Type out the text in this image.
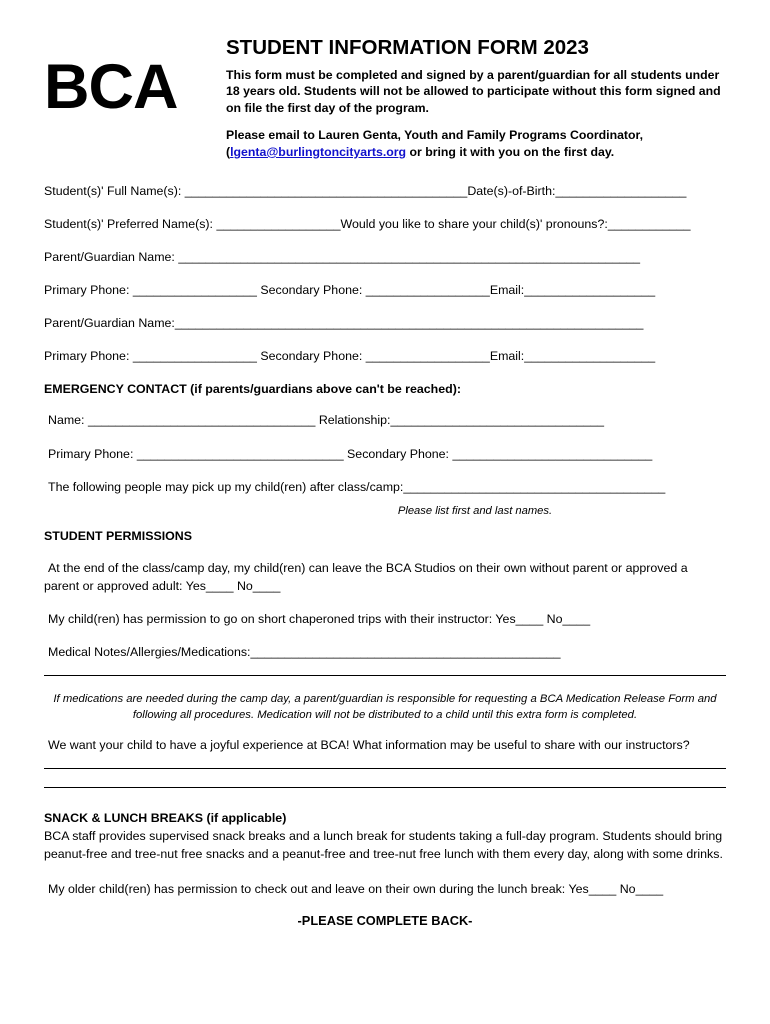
BCA
STUDENT INFORMATION FORM 2023
This form must be completed and signed by a parent/guardian for all students under 18 years old. Students will not be allowed to participate without this form signed and on file the first day of the program.
Please email to Lauren Genta, Youth and Family Programs Coordinator,
(lgenta@burlingtoncityarts.org or bring it with you on the first day.
Student(s)' Full Name(s): _________________________________________Date(s)-of-Birth:___________________
Student(s)' Preferred Name(s): __________________Would you like to share your child(s)' pronouns?:____________
Parent/Guardian Name: ___________________________________________________________________
Primary Phone: __________________ Secondary Phone: __________________Email:___________________
Parent/Guardian Name:____________________________________________________________________
Primary Phone: __________________ Secondary Phone: __________________Email:___________________
EMERGENCY CONTACT (if parents/guardians above can't be reached):
Name: _________________________________ Relationship:_______________________________
Primary Phone: ______________________________ Secondary Phone: _____________________________
The following people may pick up my child(ren) after class/camp:______________________________________
Please list first and last names.
STUDENT PERMISSIONS
At the end of the class/camp day, my child(ren) can leave the BCA Studios on their own without parent or approved a parent or approved adult: Yes____ No____
My child(ren) has permission to go on short chaperoned trips with their instructor: Yes____ No____
Medical Notes/Allergies/Medications:_____________________________________________
If medications are needed during the camp day, a parent/guardian is responsible for requesting a BCA Medication Release Form and following all procedures. Medication will not be distributed to a child until this extra form is completed.
We want your child to have a joyful experience at BCA! What information may be useful to share with our instructors?
SNACK & LUNCH BREAKS (if applicable)
BCA staff provides supervised snack breaks and a lunch break for students taking a full-day program. Students should bring peanut-free and tree-nut free snacks and a peanut-free and tree-nut free lunch with them every day, along with some drinks.
My older child(ren) has permission to check out and leave on their own during the lunch break: Yes____ No____
-PLEASE COMPLETE BACK-
